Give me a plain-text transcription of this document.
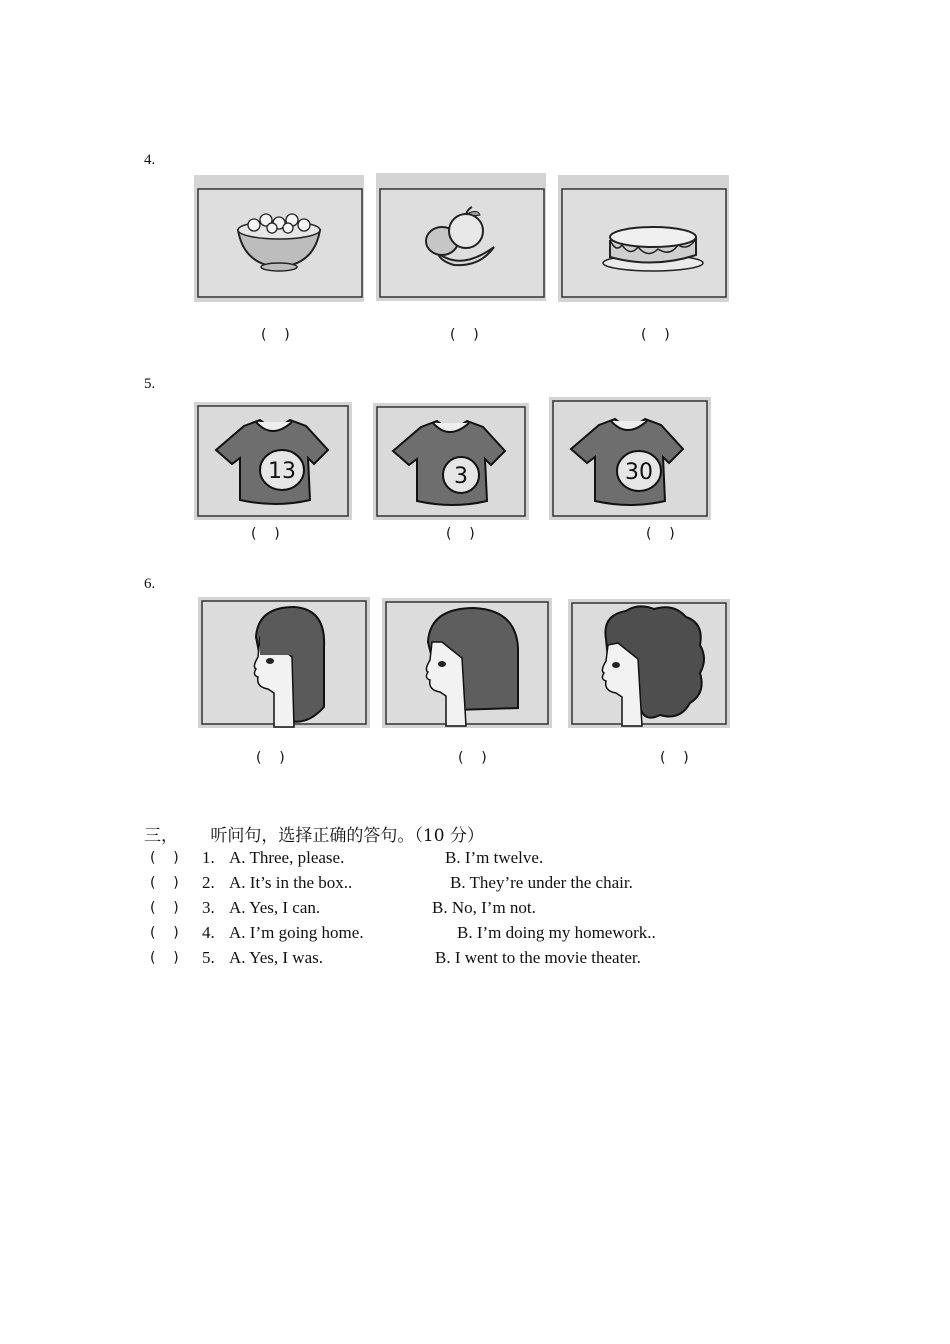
4.
(    )	(    )	(    )
5.
13	3	30
(    )	(    )	(    )
6.
(    )	(    )	(    )
三，      听问句，选择正确的答句。（10 分）

(    )

1.

A. Three, please.

	B. I’m twelve.

(    )

2.

A. It’s in the box..

	B. They’re under the chair.

(    )

3.

A. Yes, I can.

	B. No, I’m not.

(    )

4.

A. I’m going home.

	B. I’m doing my homework..

(    )

5.

A. Yes, I was.

	B. I went to the movie theater.
